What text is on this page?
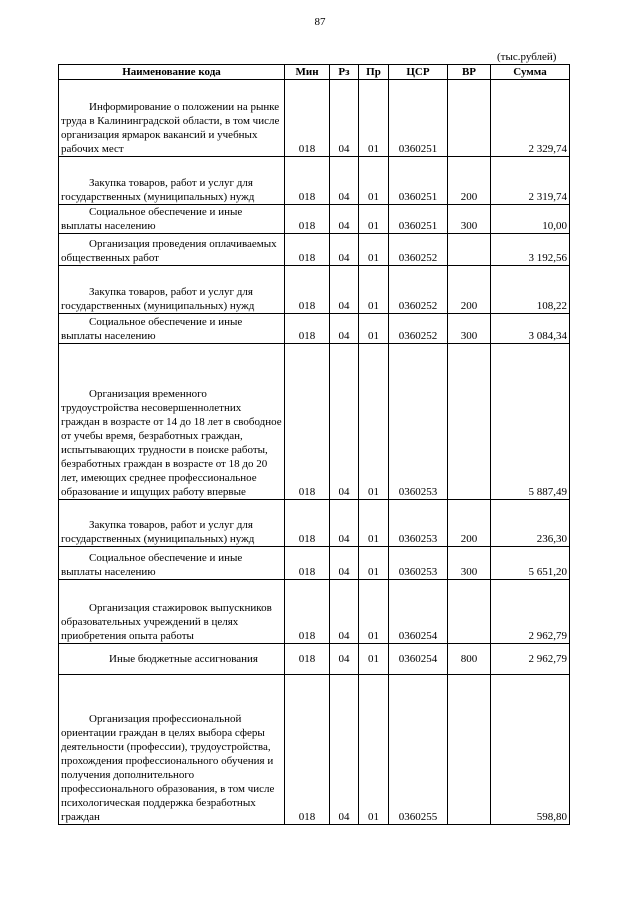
87
(тыс.рублей)
Наименование кода	Мин	Рз	Пр	ЦСР	ВР	Сумма

Информирование о положении на рынке труда в Калининградской области, в том числе организация ярмарок вакансий и учебных рабочих мест	018	04	01	0360251		2 329,74

Закупка товаров, работ и услуг для государственных (муниципальных) нужд	018	04	01	0360251	200	2 319,74

Социальное обеспечение и иные выплаты населению	018	04	01	0360251	300	10,00

Организация проведения оплачиваемых общественных работ	018	04	01	0360252		3 192,56

Закупка товаров, работ и услуг для государственных (муниципальных) нужд	018	04	01	0360252	200	108,22

Социальное обеспечение и иные выплаты населению	018	04	01	0360252	300	3 084,34

Организация временного трудоустройства несовершеннолетних граждан в возрасте от 14 до 18 лет в свободное от учебы время, безработных граждан, испытывающих трудности в поиске работы, безработных граждан в возрасте от 18 до 20 лет, имеющих среднее профессиональное образование и ищущих работу впервые	018	04	01	0360253		5 887,49

Закупка товаров, работ и услуг для государственных (муниципальных) нужд	018	04	01	0360253	200	236,30

Социальное обеспечение и иные выплаты населению	018	04	01	0360253	300	5 651,20

Организация стажировок выпускников образовательных учреждений в целях приобретения опыта работы	018	04	01	0360254		2 962,79

Иные бюджетные ассигнования	018	04	01	0360254	800	2 962,79

Организация профессиональной ориентации граждан в целях выбора сферы деятельности (профессии), трудоустройства, прохождения профессионального обучения и получения дополнительного профессионального образования, в том числе психологическая поддержка безработных граждан	018	04	01	0360255		598,80
